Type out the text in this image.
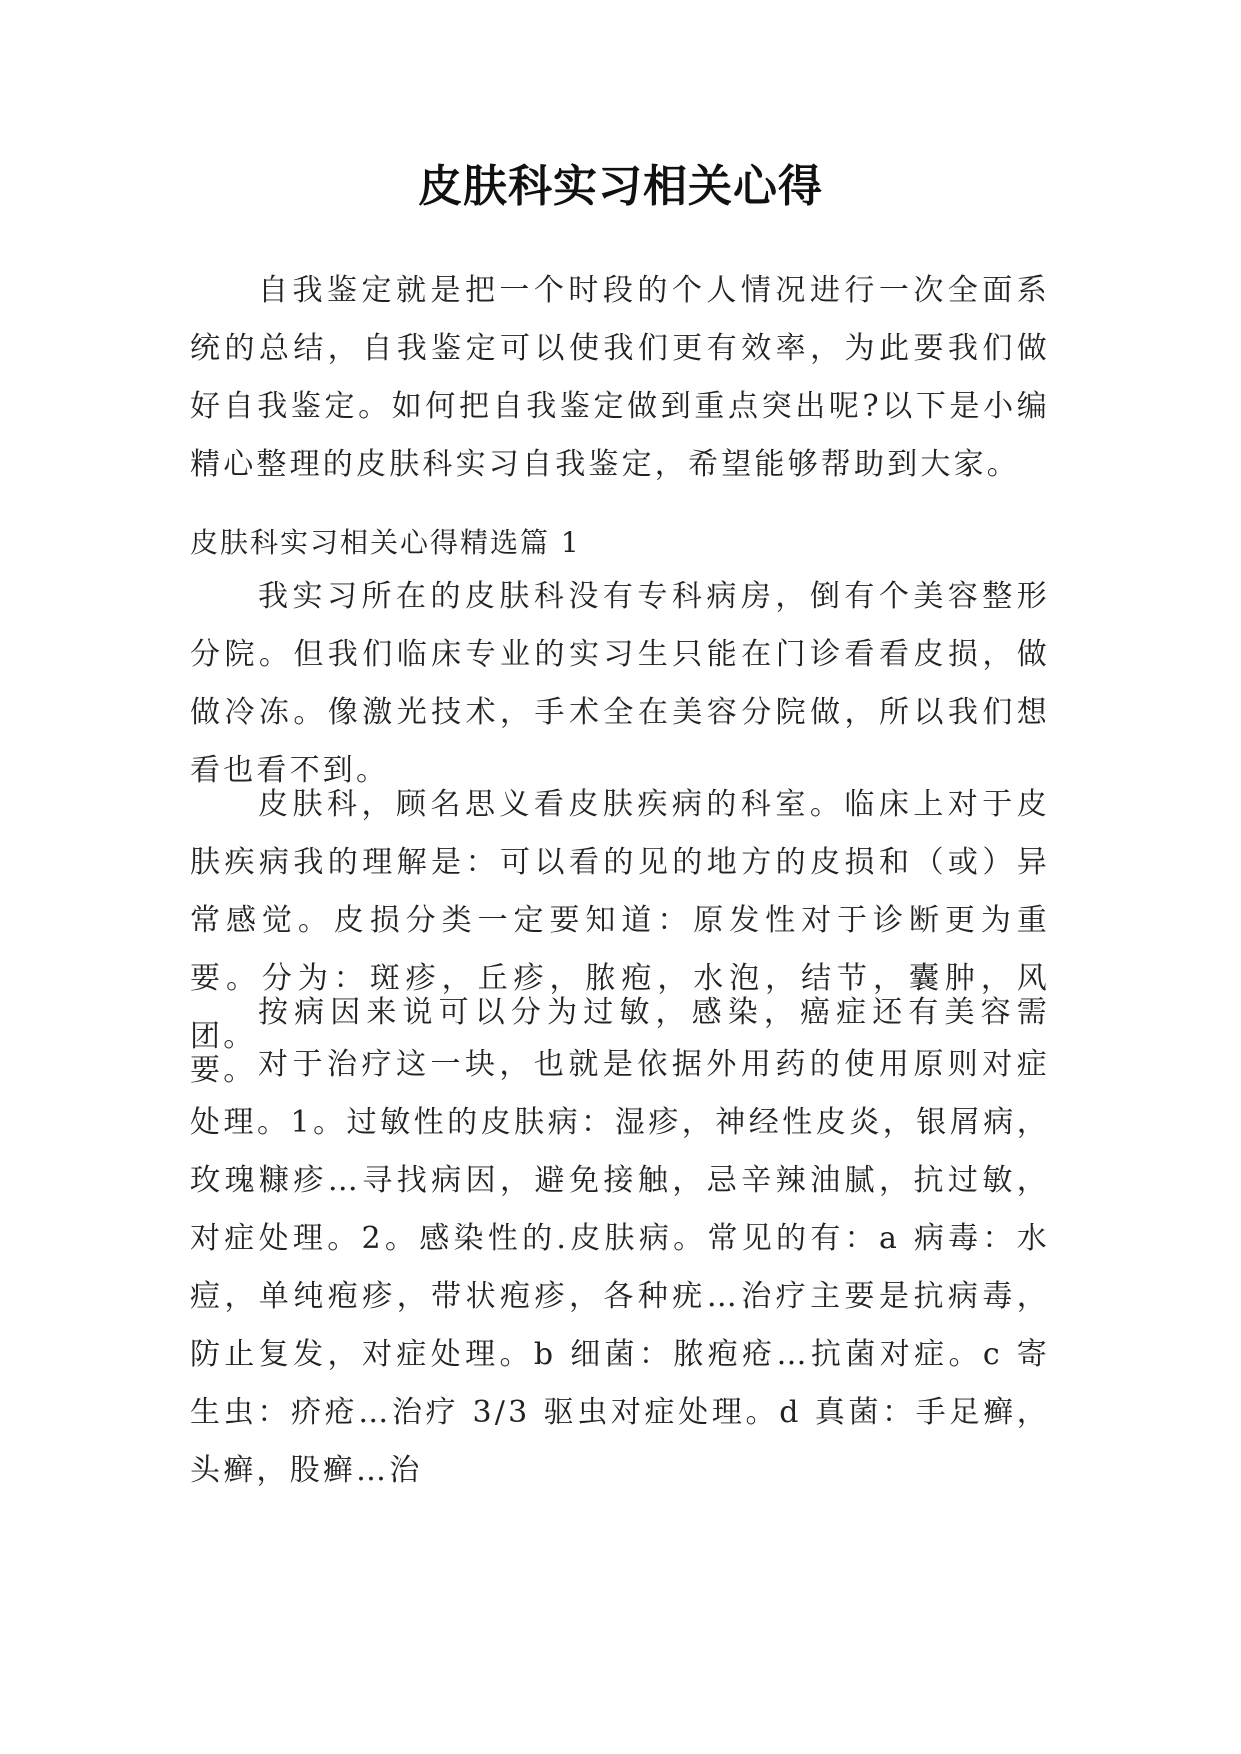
皮肤科实习相关心得

自我鉴定就是把一个时段的个人情况进行一次全面系统的总结，自我鉴定可以使我们更有效率，为此要我们做好自我鉴定。如何把自我鉴定做到重点突出呢?以下是小编精心整理的皮肤科实习自我鉴定，希望能够帮助到大家。

皮肤科实习相关心得精选篇 1

我实习所在的皮肤科没有专科病房，倒有个美容整形分院。但我们临床专业的实习生只能在门诊看看皮损，做做冷冻。像激光技术，手术全在美容分院做，所以我们想看也看不到。

皮肤科，顾名思义看皮肤疾病的科室。临床上对于皮肤疾病我的理解是：可以看的见的地方的皮损和（或）异常感觉。皮损分类一定要知道：原发性对于诊断更为重要。分为：斑疹，丘疹，脓疱，水泡，结节，囊肿，风团。

按病因来说可以分为过敏，感染，癌症还有美容需要。 对于治疗这一块，也就是依据外用药的使用原则对症处理。1。过敏性的皮肤病：湿疹，神经性皮炎，银屑病，玫瑰糠疹…寻找病因，避免接触，忌辛辣油腻，抗过敏，对症处理。2。感染性的.皮肤病。常见的有：a 病毒：水痘，单纯疱疹，带状疱疹，各种疣…治疗主要是抗病毒，防止复发，对症处理。b 细菌：脓疱疮…抗菌对症。c 寄生虫：疥疮…治疗 3/3 驱虫对症处理。d 真菌：手足癣，头癣，股癣…治
